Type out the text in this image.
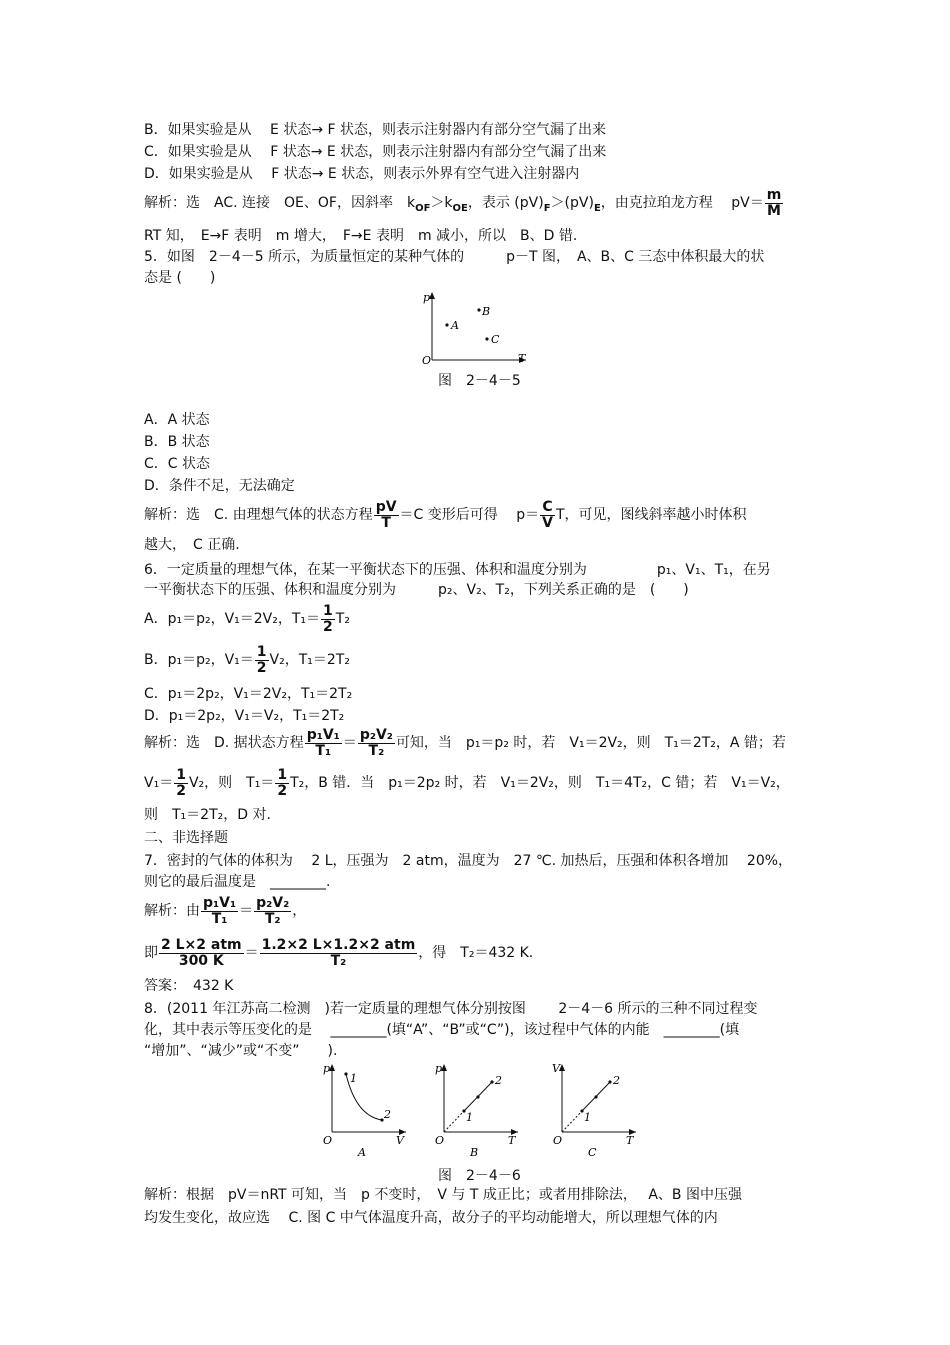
B．如果实验是从　 E 状态→ F 状态，则表示注射器内有部分空气漏了出来
C．如果实验是从　 F 状态→ E 状态，则表示注射器内有部分空气漏了出来
D．如果实验是从　 F 状态→ E 状态，则表示外界有空气进入注射器内
解析：选　AC. 连接　OE、OF，因斜率　$k_{OF}>k_{OE}$，表示 $(pV)_F>(pV)_E$，由克拉珀龙方程　 $pV= \frac{m}{M}$
RT 知，　E→F 表明　m 增大，　F→E 表明　m 减小，所以　B、D 错.
5．如图　2－4－5 所示，为质量恒定的某种气体的　　　p－T 图，　A、B、C 三态中体积最大的状
态是 (　　)
p
T
O
A
B
C
图　2－4－5
A．A 状态
B．B 状态
C．C 状态
D．条件不足，无法确定
解析：选　C. 由理想气体的状态方程 $\frac{pV}{T} =C$ 变形后可得　 $p= \frac{C}{V}$ T，可见，图线斜率越小时体积
越大，　C 正确.
6．一定质量的理想气体，在某一平衡状态下的压强、体积和温度分别为　　　　　p₁、V₁、T₁，在另
一平衡状态下的压强、体积和温度分别为　　　p₂、V₂、T₂，下列关系正确的是　(　　)
A．p₁＝p₂，V₁＝2V₂，$T_1= \frac{1}{2} T_2$
B．p₁＝p₂，$V_1= \frac{1}{2} V_2$，T₁＝2T₂
C．p₁＝2p₂，V₁＝2V₂，T₁＝2T₂
D．p₁＝2p₂，V₁＝V₂，T₁＝2T₂
解析：选　D. 据状态方程 $\frac{\text{p₁V₁}}{\text{T₁}} = \frac{\text{p₂V₂}}{\text{T₂}}$ 可知，当　p₁＝p₂ 时，若　V₁＝2V₂，则　T₁＝2T₂，A 错；若
$V_1= \frac{1}{2} V_2$，则　$T_1= \frac{1}{2} T_2$，B 错．当　p₁＝2p₂ 时，若　V₁＝2V₂，则　T₁＝4T₂，C 错；若　V₁＝V₂，
则　T₁＝2T₂，D 对.
二、非选择题
7．密封的气体的体积为　 2 L，压强为　2 atm，温度为　27 ℃. 加热后，压强和体积各增加　 20%，
则它的最后温度是　________.
解析：由 $\frac{\text{p₁V₁}}{\text{T₁}} = \frac{\text{p₂V₂}}{\text{T₂}}$ ，
即 $\frac{\text{2 L×2 atm}}{300 K} = \frac{\text{1.2×2 L×1.2×2 atm}}{\text{T₂}}$ ，得　T₂＝432 K.
答案：　432 K
8．(2011 年江苏高二检测　)若一定质量的理想气体分别按图　　 2－4－6 所示的三种不同过程变
化，其中表示等压变化的是　 ________(填“A”、“B”或“C”)，该过程中气体的内能　________(填
“增加”、“减少”或“不变”　　).
p
V
O
1
2
A
p
T
O
1
2
B
V
T
O
1
2
C
图　2－4－6
解析：根据　pV＝nRT 可知，当　p 不变时，　V 与 T 成正比；或者用排除法，　 A、B 图中压强
均发生变化，故应选　 C. 图 C 中气体温度升高，故分子的平均动能增大，所以理想气体的内
